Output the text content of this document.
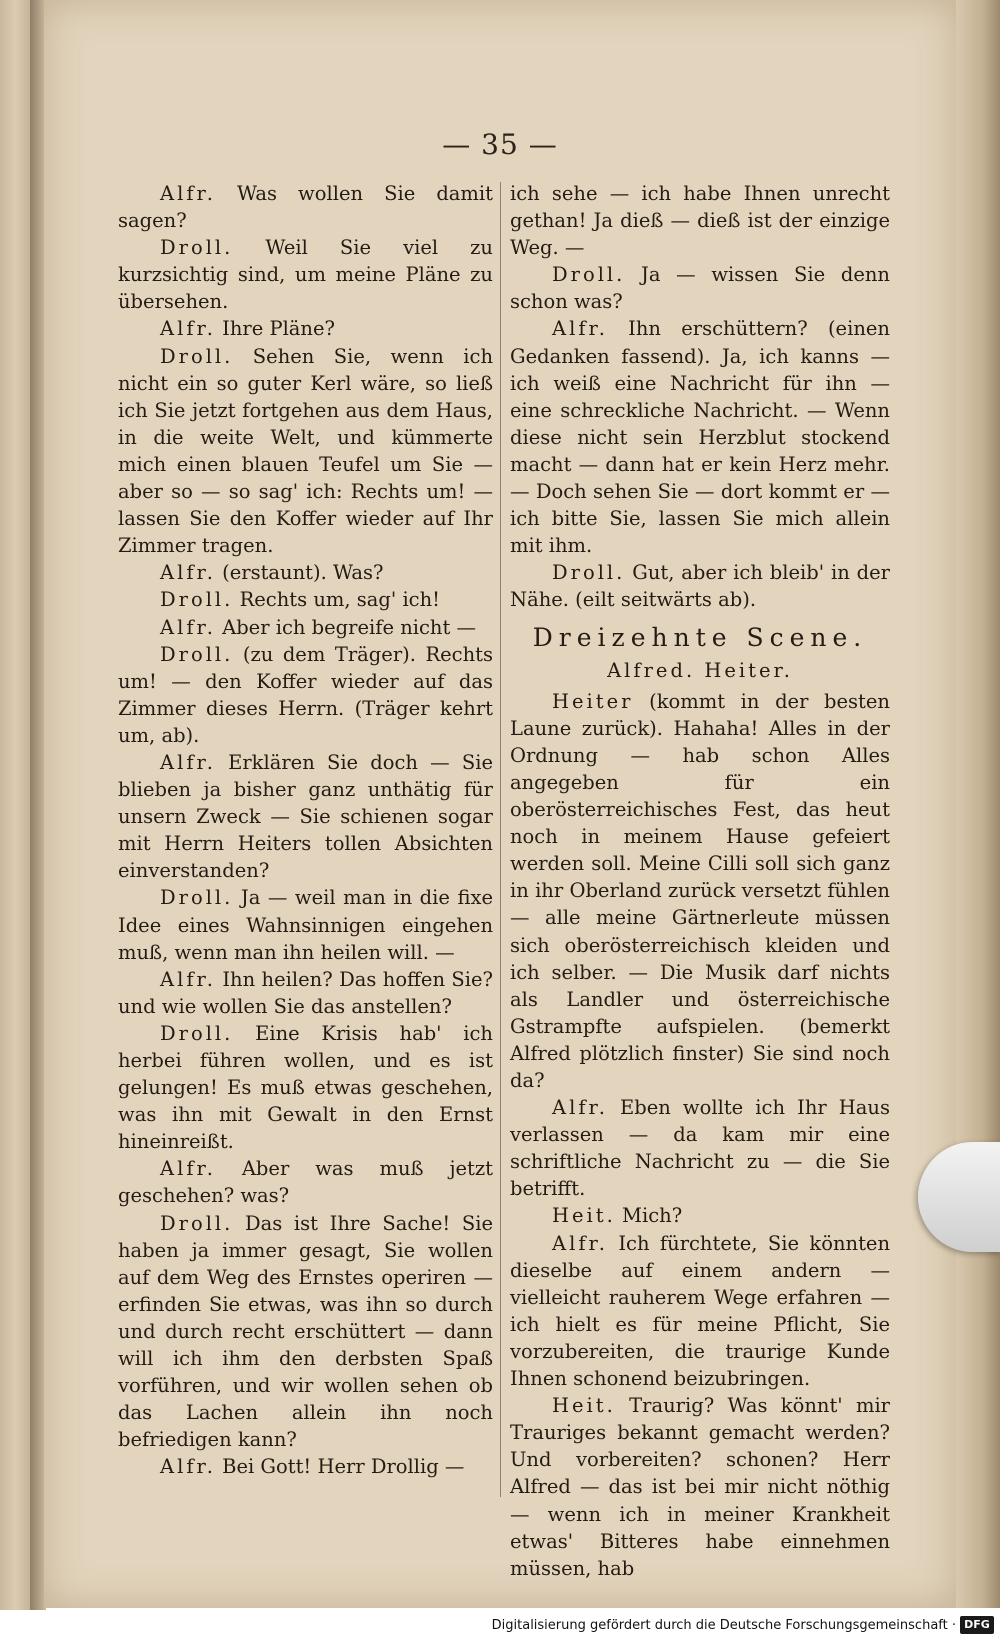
— 35 —

Alfr. Was wollen Sie damit sagen?

Droll. Weil Sie viel zu kurzsichtig sind, um meine Pläne zu übersehen.

Alfr. Ihre Pläne?

Droll. Sehen Sie, wenn ich nicht ein so guter Kerl wäre, so ließ ich Sie jetzt fortgehen aus dem Haus, in die weite Welt, und kümmerte mich einen blauen Teufel um Sie — aber so — so sag' ich: Rechts um! — lassen Sie den Koffer wieder auf Ihr Zimmer tragen.

Alfr. (erstaunt). Was?

Droll. Rechts um, sag' ich!

Alfr. Aber ich begreife nicht —

Droll. (zu dem Träger). Rechts um! — den Koffer wieder auf das Zimmer dieses Herrn. (Träger kehrt um, ab).

Alfr. Erklären Sie doch — Sie blieben ja bisher ganz unthätig für unsern Zweck — Sie schienen sogar mit Herrn Heiters tollen Absichten einverstanden?

Droll. Ja — weil man in die fixe Idee eines Wahnsinnigen eingehen muß, wenn man ihn heilen will. —

Alfr. Ihn heilen? Das hoffen Sie? und wie wollen Sie das anstellen?

Droll. Eine Krisis hab' ich herbei führen wollen, und es ist gelungen! Es muß etwas geschehen, was ihn mit Gewalt in den Ernst hineinreißt.

Alfr. Aber was muß jetzt geschehen? was?

Droll. Das ist Ihre Sache! Sie haben ja immer gesagt, Sie wollen auf dem Weg des Ernstes operiren — erfinden Sie etwas, was ihn so durch und durch recht erschüttert — dann will ich ihm den derbsten Spaß vorführen, und wir wollen sehen ob das Lachen allein ihn noch befriedigen kann?

Alfr. Bei Gott! Herr Drollig —

ich sehe — ich habe Ihnen unrecht gethan! Ja dieß — dieß ist der einzige Weg. —

Droll. Ja — wissen Sie denn schon was?

Alfr. Ihn erschüttern? (einen Gedanken fassend). Ja, ich kanns — ich weiß eine Nachricht für ihn — eine schreckliche Nachricht. — Wenn diese nicht sein Herzblut stockend macht — dann hat er kein Herz mehr. — Doch sehen Sie — dort kommt er — ich bitte Sie, lassen Sie mich allein mit ihm.

Droll. Gut, aber ich bleib' in der Nähe. (eilt seitwärts ab).

Dreizehnte Scene.
Alfred. Heiter.

Heiter (kommt in der besten Laune zurück). Hahaha! Alles in der Ordnung — hab schon Alles angegeben für ein oberösterreichisches Fest, das heut noch in meinem Hause gefeiert werden soll. Meine Cilli soll sich ganz in ihr Oberland zurück versetzt fühlen — alle meine Gärtnerleute müssen sich oberösterreichisch kleiden und ich selber. — Die Musik darf nichts als Landler und österreichische Gstrampfte aufspielen. (bemerkt Alfred plötzlich finster) Sie sind noch da?

Alfr. Eben wollte ich Ihr Haus verlassen — da kam mir eine schriftliche Nachricht zu — die Sie betrifft.

Heit. Mich?

Alfr. Ich fürchtete, Sie könnten dieselbe auf einem andern — vielleicht rauherem Wege erfahren — ich hielt es für meine Pflicht, Sie vorzubereiten, die traurige Kunde Ihnen schonend beizubringen.

Heit. Traurig? Was könnt' mir Trauriges bekannt gemacht werden? Und vorbereiten? schonen? Herr Alfred — das ist bei mir nicht nöthig — wenn ich in meiner Krankheit etwas' Bitteres habe einnehmen müssen, hab

Digitalisierung gefördert durch die Deutsche Forschungsgemeinschaft · DFG
